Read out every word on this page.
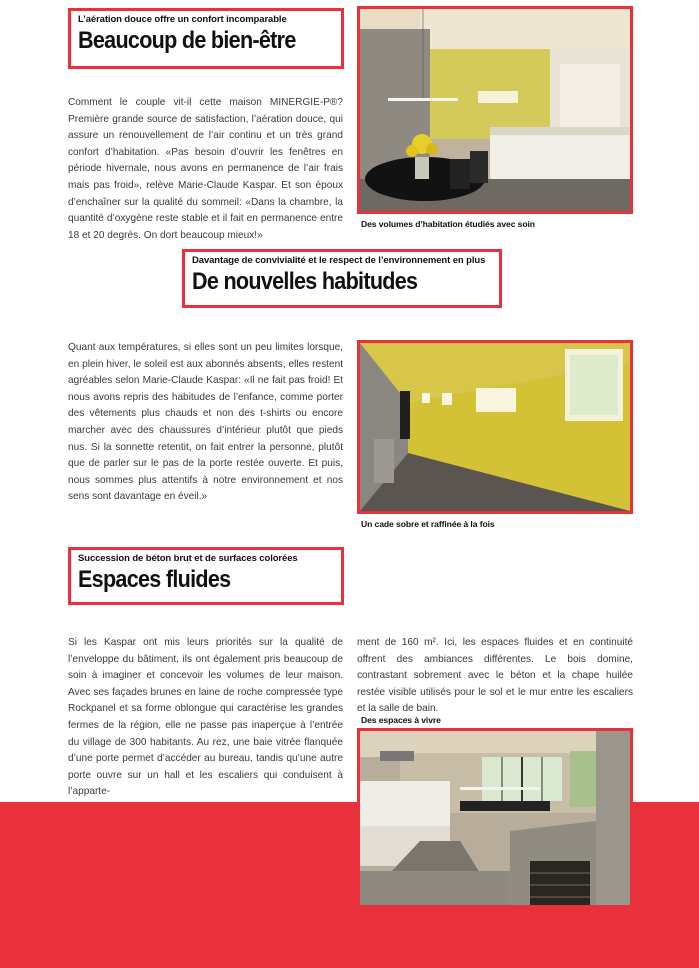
L’aération douce offre un confort incomparable
Beaucoup de bien-être
Comment le couple vit-il cette maison MINERGIE-P®? Première grande source de satisfaction, l’aération douce, qui assure un renouvellement de l’air continu et un très grand confort d’habitation. «Pas besoin d’ouvrir les fenêtres en période hivernale, nous avons en permanence de l’air frais mais pas froid», relève Marie-Claude Kaspar. Et son époux d’enchaîner sur la qualité du sommeil: «Dans la chambre, la quantité d’oxygène reste stable et il fait en permanence entre 18 et 20 degrés. On dort beaucoup mieux!»
Des volumes d’habitation étudiés avec soin
Davantage de convivialité et le respect de l’environnement en plus
De nouvelles habitudes
Quant aux températures, si elles sont un peu limites lorsque, en plein hiver, le soleil est aux abonnés absents, elles restent agréables selon Marie-Claude Kaspar: «Il ne fait pas froid! Et nous avons repris des habitudes de l’enfance, comme porter des vêtements plus chauds et non des t-shirts ou encore marcher avec des chaussures d’intérieur plutôt que pieds nus. Si la sonnette retentit, on fait entrer la personne, plutôt que de parler sur le pas de la porte restée ouverte. Et puis, nous sommes plus attentifs à notre environnement et nos sens sont davantage en éveil.»
Un cade sobre et raffinée à la fois
Succession de béton brut et de surfaces colorées
Espaces fluides
Si les Kaspar ont mis leurs priorités sur la qualité de l’enveloppe du bâtiment, ils ont également pris beaucoup de soin à imaginer et concevoir les volumes de leur maison. Avec ses façades brunes en laine de roche compressée type Rockpanel et sa forme oblongue qui caractérise les grandes fermes de la région, elle ne passe pas inaperçue à l’entrée du village de 300 habitants. Au rez, une baie vitrée flanquée d’une porte permet d’accéder au bureau, tandis qu’une autre porte ouvre sur un hall et les escaliers qui conduisent à l’apparte-
ment de 160 m². Ici, les espaces fluides et en continuité offrent des ambiances différentes. Le bois domine, contrastant sobrement avec le béton et la chape huilée restée visible utilisés pour le sol et le mur entre les escaliers et la salle de bain.
Des espaces à vivre
